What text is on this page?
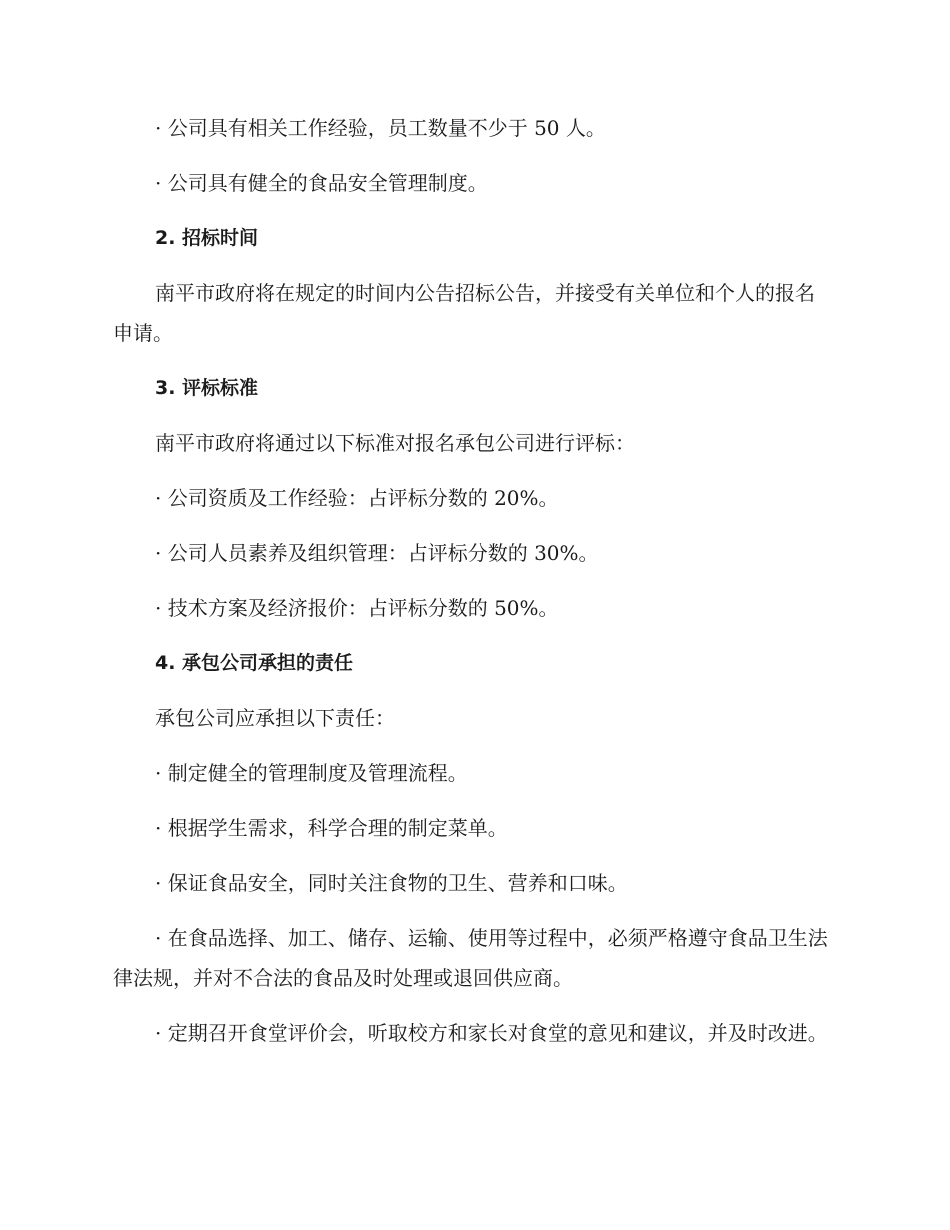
· 公司具有相关工作经验，员工数量不少于 50 人。

· 公司具有健全的食品安全管理制度。

2. 招标时间

南平市政府将在规定的时间内公告招标公告，并接受有关单位和个人的报名申请。

3. 评标标准

南平市政府将通过以下标准对报名承包公司进行评标：

· 公司资质及工作经验：占评标分数的 20%。

· 公司人员素养及组织管理：占评标分数的 30%。

· 技术方案及经济报价：占评标分数的 50%。

4. 承包公司承担的责任

承包公司应承担以下责任：

· 制定健全的管理制度及管理流程。

· 根据学生需求，科学合理的制定菜单。

· 保证食品安全，同时关注食物的卫生、营养和口味。

· 在食品选择、加工、储存、运输、使用等过程中，必须严格遵守食品卫生法律法规，并对不合法的食品及时处理或退回供应商。

· 定期召开食堂评价会，听取校方和家长对食堂的意见和建议，并及时改进。
